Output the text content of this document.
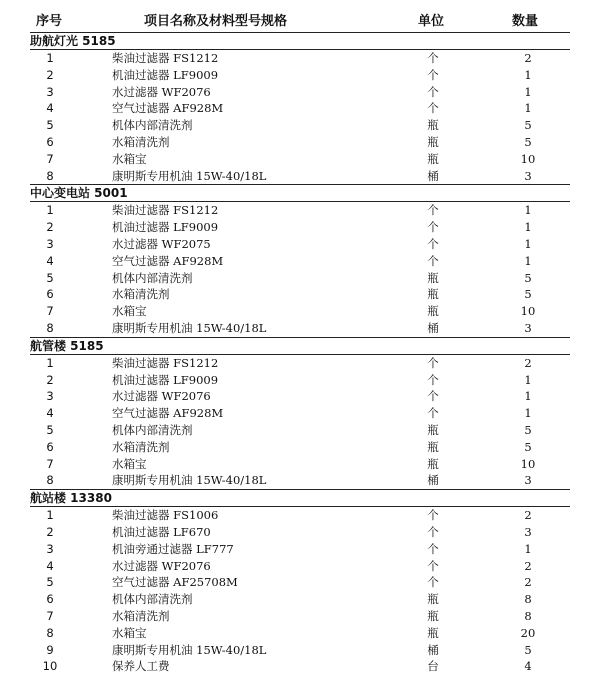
序号	项目名称及材料型号规格	单位	数量
助航灯光 5185			
1	柴油过滤器 FS1212	个	2
2	机油过滤器 LF9009	个	1
3	水过滤器 WF2076	个	1
4	空气过滤器 AF928M	个	1
5	机体内部清洗剂	瓶	5
6	水箱清洗剂	瓶	5
7	水箱宝	瓶	10
8	康明斯专用机油 15W-40/18L	桶	3
中心变电站 5001			
1	柴油过滤器 FS1212	个	1
2	机油过滤器 LF9009	个	1
3	水过滤器 WF2075	个	1
4	空气过滤器 AF928M	个	1
5	机体内部清洗剂	瓶	5
6	水箱清洗剂	瓶	5
7	水箱宝	瓶	10
8	康明斯专用机油 15W-40/18L	桶	3
航管楼 5185			
1	柴油过滤器 FS1212	个	2
2	机油过滤器 LF9009	个	1
3	水过滤器 WF2076	个	1
4	空气过滤器 AF928M	个	1
5	机体内部清洗剂	瓶	5
6	水箱清洗剂	瓶	5
7	水箱宝	瓶	10
8	康明斯专用机油 15W-40/18L	桶	3
航站楼 13380			
1	柴油过滤器 FS1006	个	2
2	机油过滤器 LF670	个	3
3	机油旁通过滤器 LF777	个	1
4	水过滤器 WF2076	个	2
5	空气过滤器 AF25708M	个	2
6	机体内部清洗剂	瓶	8
7	水箱清洗剂	瓶	8
8	水箱宝	瓶	20
9	康明斯专用机油 15W-40/18L	桶	5
10	保养人工费	台	4
